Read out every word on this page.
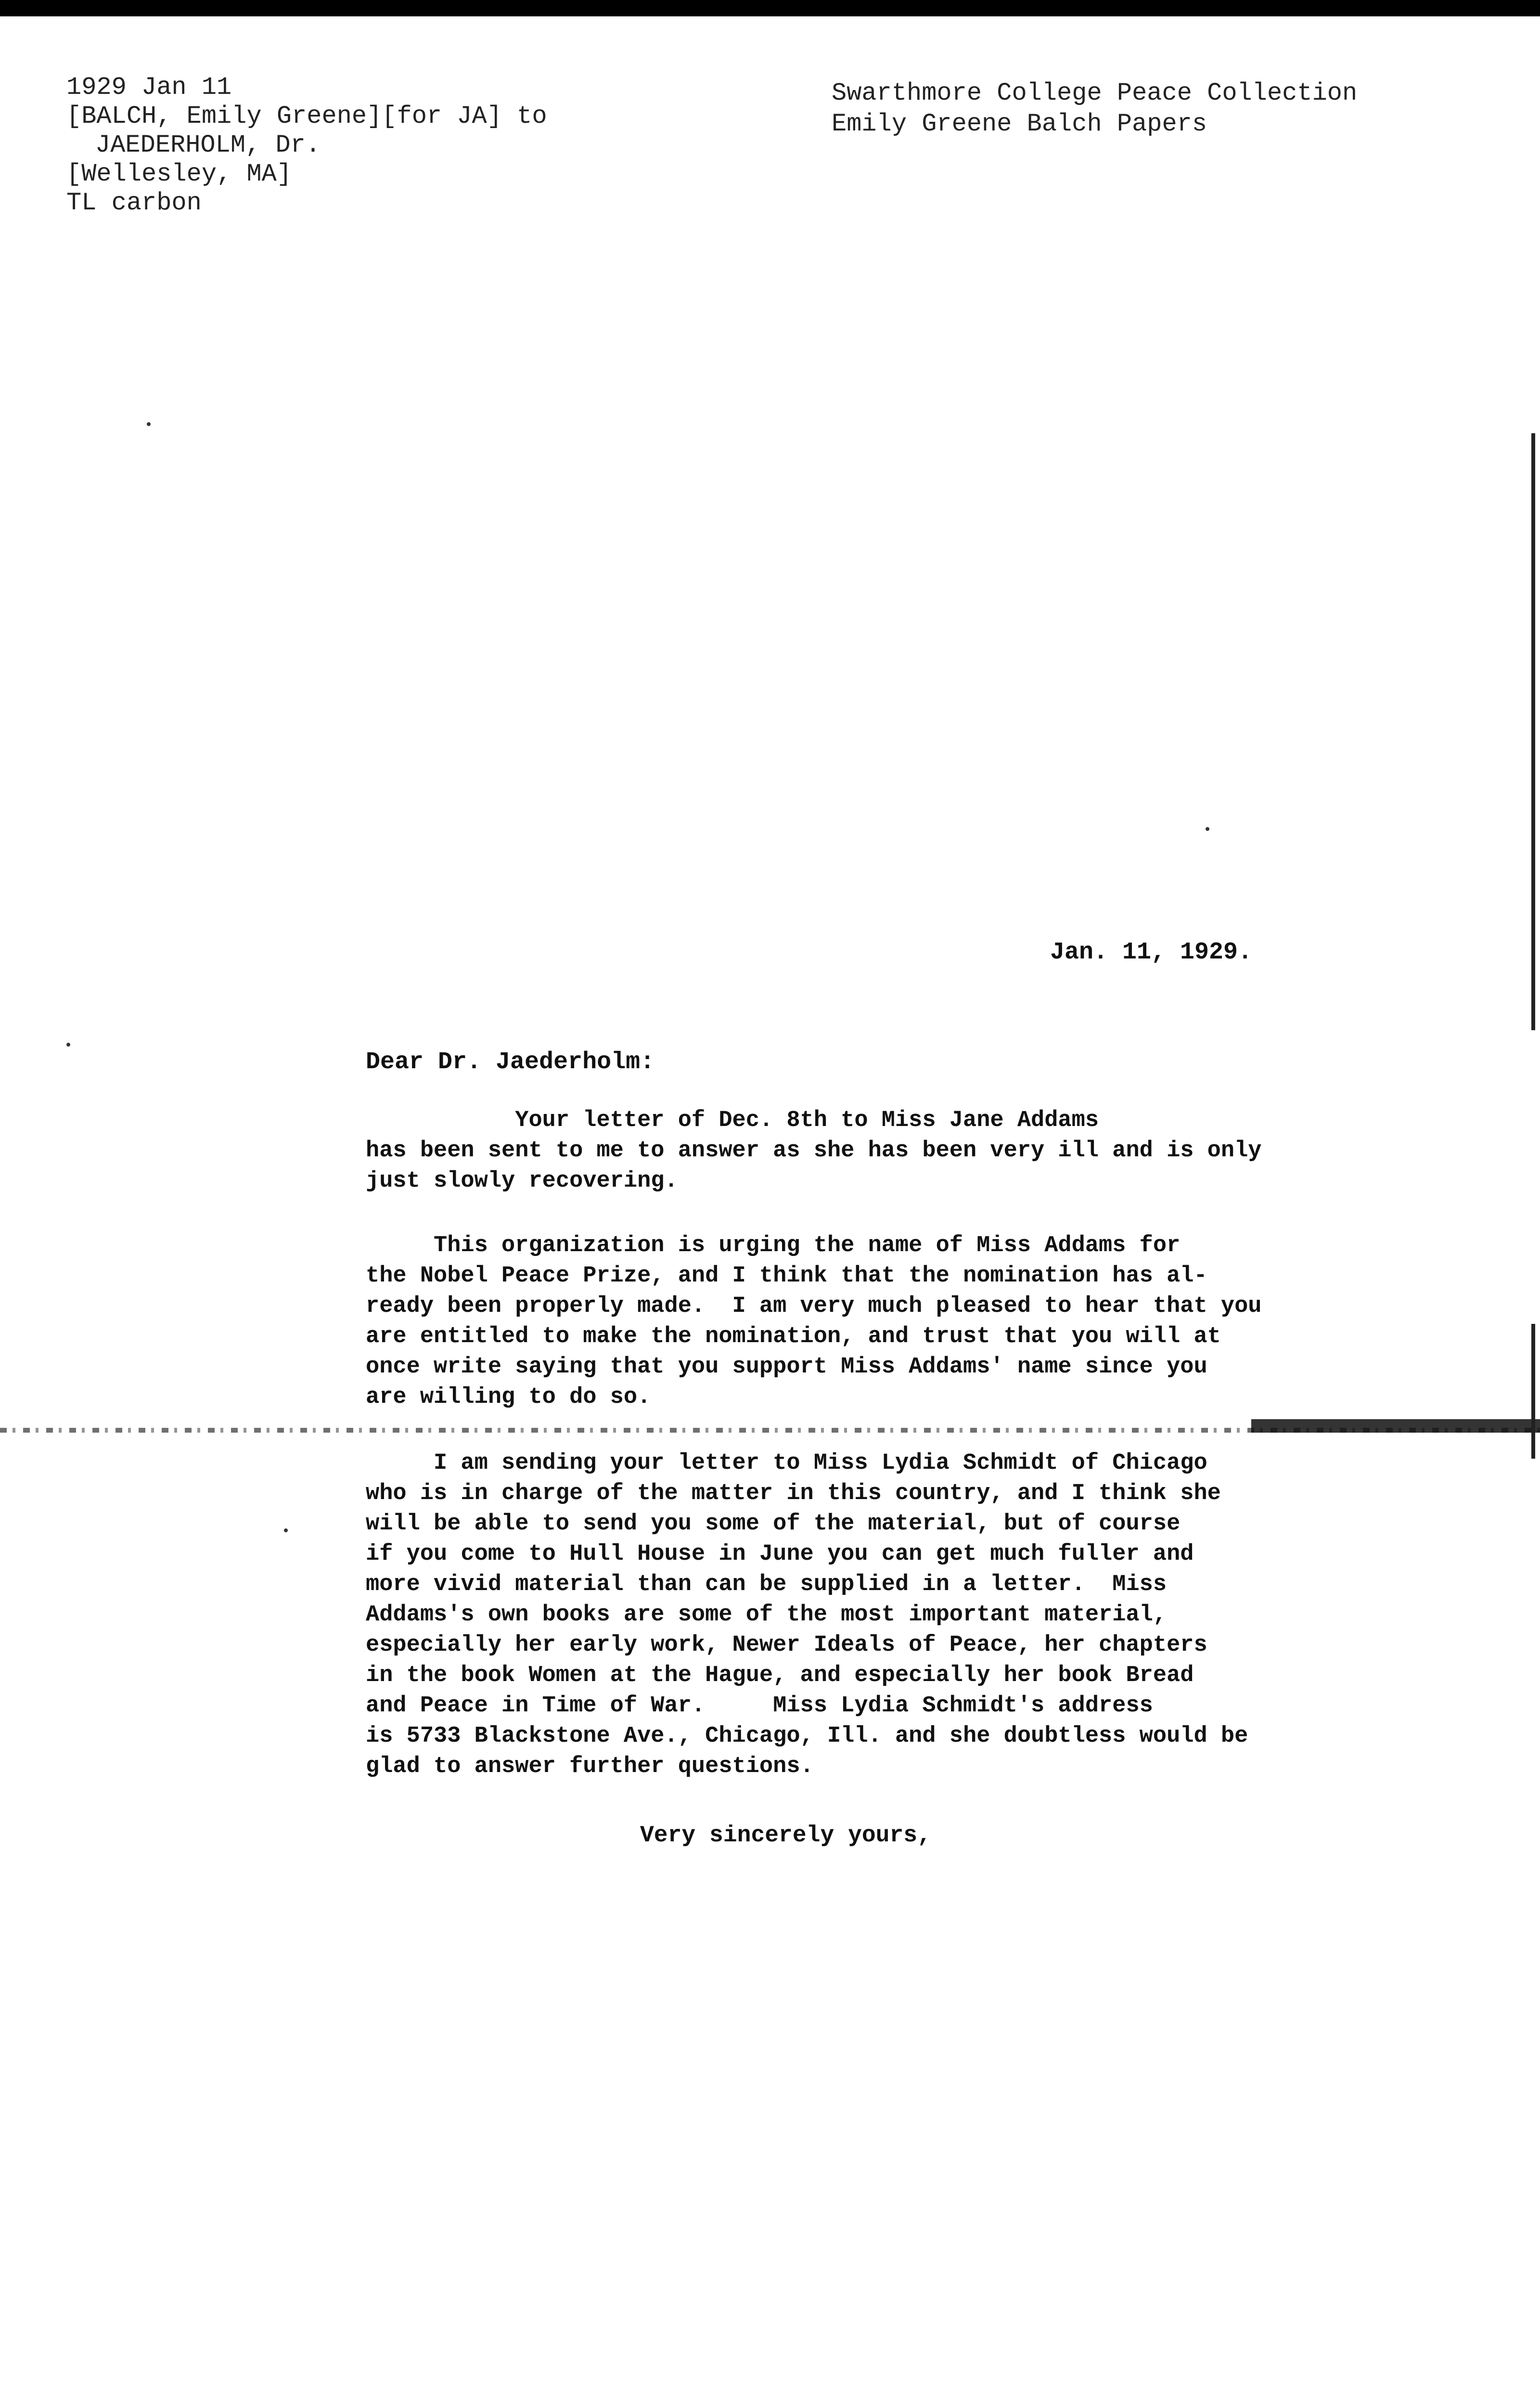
1929 Jan 11
[BALCH, Emily Greene][for JA] to
JAEDERHOLM, Dr.
[Wellesley, MA]
TL carbon
Swarthmore College Peace Collection
Emily Greene Balch Papers
Jan. 11, 1929.
Dear Dr. Jaederholm:
Your letter of Dec. 8th to Miss Jane Addams
has been sent to me to answer as she has been very ill and is only
just slowly recovering.
This organization is urging the name of Miss Addams for
the Nobel Peace Prize, and I think that the nomination has al-
ready been properly made.  I am very much pleased to hear that you
are entitled to make the nomination, and trust that you will at
once write saying that you support Miss Addams' name since you
are willing to do so.
I am sending your letter to Miss Lydia Schmidt of Chicago
who is in charge of the matter in this country, and I think she
will be able to send you some of the material, but of course
if you come to Hull House in June you can get much fuller and
more vivid material than can be supplied in a letter.  Miss
Addams's own books are some of the most important material,
especially her early work, Newer Ideals of Peace, her chapters
in the book Women at the Hague, and especially her book Bread
and Peace in Time of War.     Miss Lydia Schmidt's address
is 5733 Blackstone Ave., Chicago, Ill. and she doubtless would be
glad to answer further questions.
Very sincerely yours,
